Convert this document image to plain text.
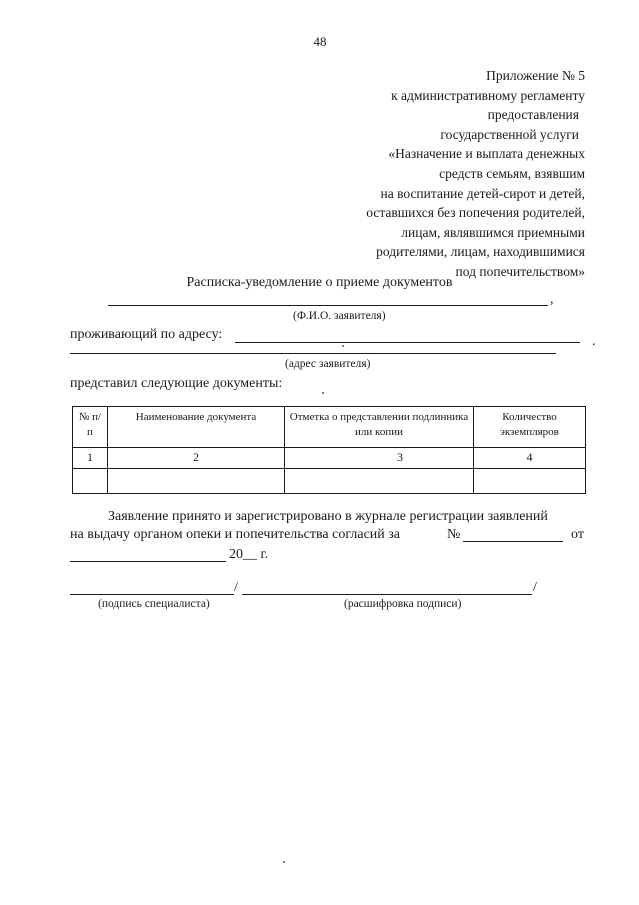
48
Приложение № 5
к административному регламенту
предоставления
государственной услуги
«Назначение и выплата денежных
средств семьям, взявшим
на воспитание детей-сирот и детей,
оставшихся без попечения родителей,
лицам, являвшимся приемными
родителями, лицам, находившимися
под попечительством»
Расписка-уведомление о приеме документов
,
(Ф.И.О. заявителя)
проживающий по адресу:	.
(адрес заявителя)
представил следующие документы:
№ п/п	Наименование документа	Отметка о представлении подлинника или копии	Количество экземпляров
1	2	3	4

Заявление принято и зарегистрировано в журнале регистрации заявлений
на выдачу органом опеки и попечительства согласий за	№	от
20__ г.
/	/
(подпись специалиста)	(расшифровка подписи)
